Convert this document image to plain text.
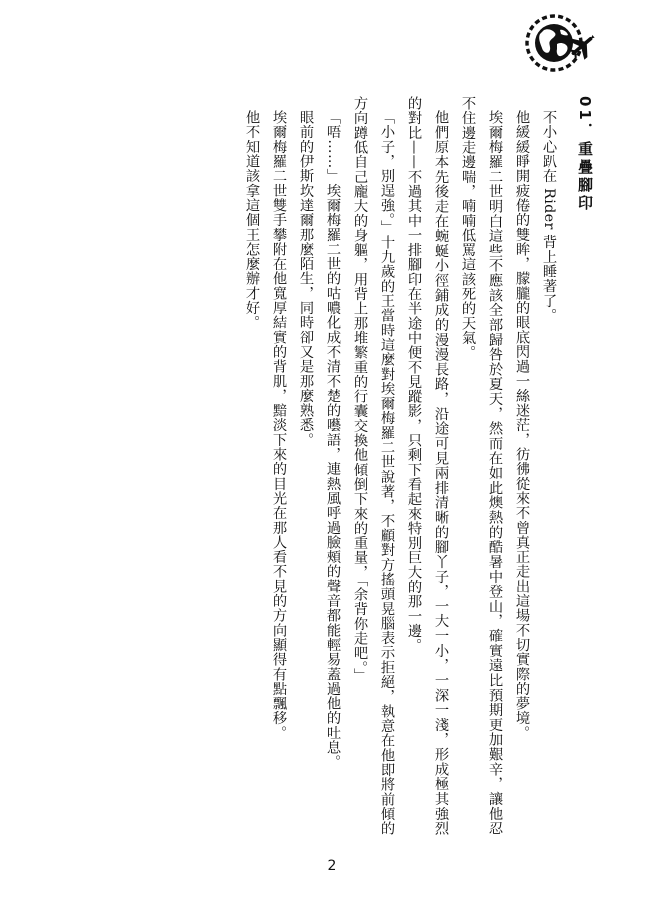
01．重疊腳印

不小心趴在 Rider 背上睡著了。

他緩緩睜開疲倦的雙眸，朦朧的眼底閃過一絲迷茫，彷彿從來不曾真正走出這場不切實際的夢境。

埃爾梅羅二世明白這些不應該全部歸咎於夏天，然而在如此燠熱的酷暑中登山，確實遠比預期更加艱辛，讓他忍不住邊走邊喘，喃喃低罵這該死的天氣。

他們原本先後走在蜿蜒小徑鋪成的漫漫長路，沿途可見兩排清晰的腳丫子，一大一小，一深一淺，形成極其強烈的對比——不過其中一排腳印在半途中便不見蹤影，只剩下看起來特別巨大的那一邊。

「小子，別逞強。」十九歲的王當時這麼對埃爾梅羅二世說著，不顧對方搖頭晃腦表示拒絕，執意在他即將前傾的方向蹲低自己龐大的身軀，用背上那堆繁重的行囊交換他傾倒下來的重量，「余背你走吧。」

「唔……」埃爾梅羅二世的咕噥化成不清不楚的囈語，連熱風呼過臉頰的聲音都能輕易蓋過他的吐息。

眼前的伊斯坎達爾那麼陌生，同時卻又是那麼熟悉。

埃爾梅羅二世雙手攀附在他寬厚結實的背肌，黯淡下來的目光在那人看不見的方向顯得有點飄移。

他不知道該拿這個王怎麼辦才好。

2
